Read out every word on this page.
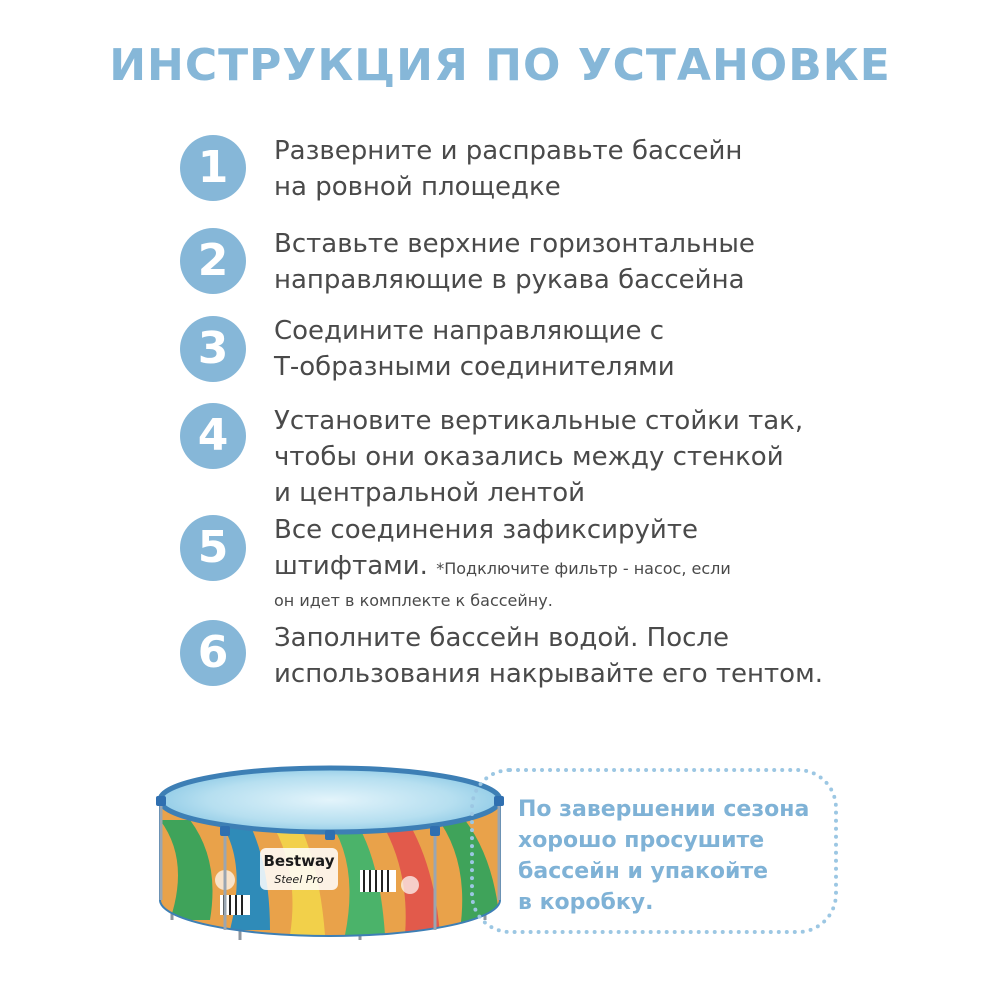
ИНСТРУКЦИЯ ПО УСТАНОВКЕ
1	Разверните и расправьте бассейн
на ровной площедке
2	Вставьте верхние горизонтальные
направляющие в рукава бассейна
3	Соедините направляющие с
Т-образными соединителями
4	Установите вертикальные стойки так,
чтобы они оказались между стенкой
и центральной лентой
5	Все соединения зафиксируйте
штифтами. *Подключите фильтр - насос, если
он идет в комплекте к бассейну.
6	Заполните бассейн водой. После
использования накрывайте его тентом.
Bestway
Steel Pro
По завершении сезона
хорошо просушите
бассейн и упакойте
в коробку.
